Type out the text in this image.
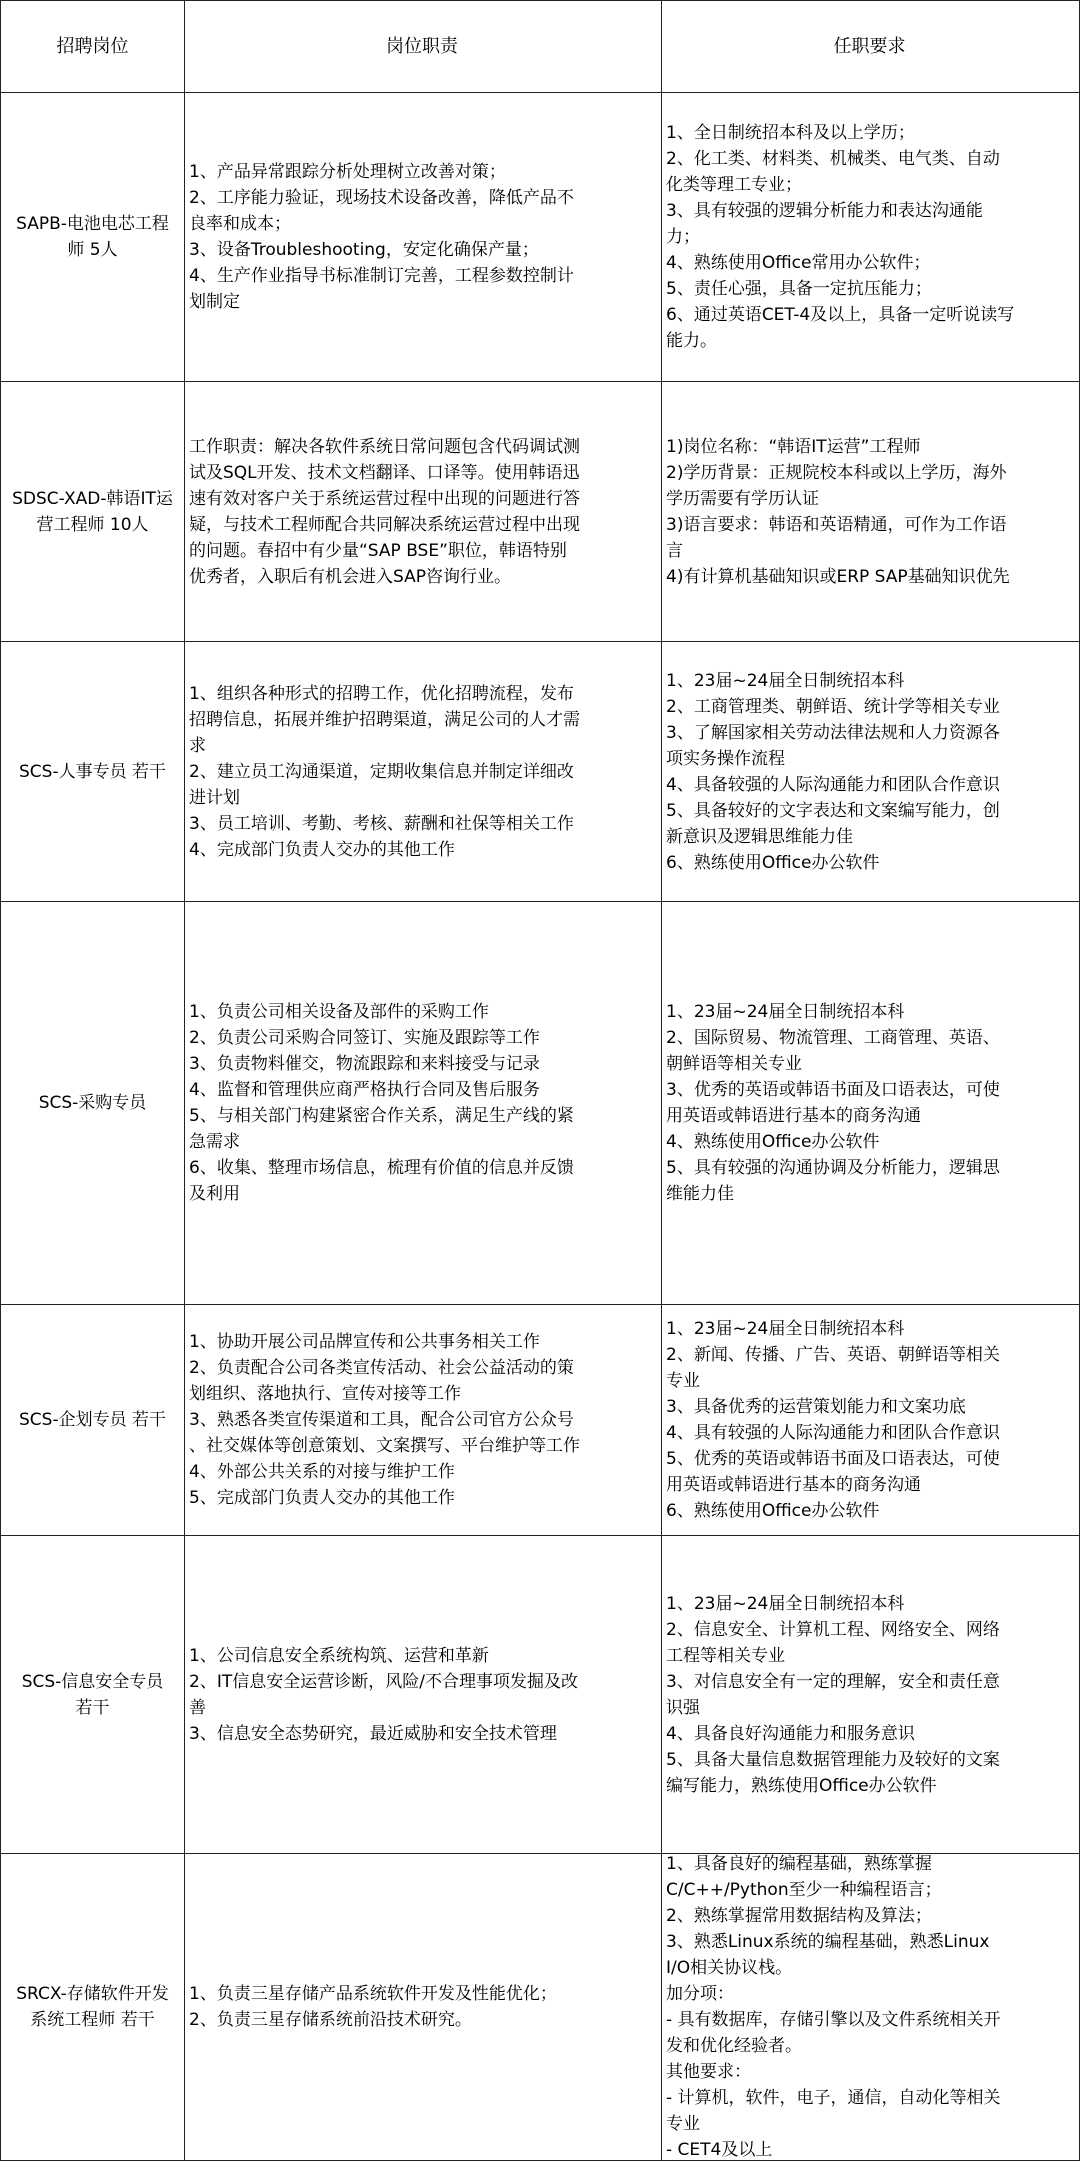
招聘岗位	岗位职责	任职要求
SAPB-电池电芯工程
师 5人
1、产品异常跟踪分析处理树立改善对策；
2、工序能力验证，现场技术设备改善，降低产品不
良率和成本；
3、设备Troubleshooting，安定化确保产量；
4、生产作业指导书标准制订完善，工程参数控制计
划制定
1、全日制统招本科及以上学历；
2、化工类、材料类、机械类、电气类、自动
化类等理工专业；
3、具有较强的逻辑分析能力和表达沟通能
力；
4、熟练使用Office常用办公软件；
5、责任心强，具备一定抗压能力；
6、通过英语CET-4及以上，具备一定听说读写
能力。
SDSC-XAD-韩语IT运
营工程师 10人
工作职责：解决各软件系统日常问题包含代码调试测
试及SQL开发、技术文档翻译、口译等。使用韩语迅
速有效对客户关于系统运营过程中出现的问题进行答
疑，与技术工程师配合共同解决系统运营过程中出现
的问题。春招中有少量“SAP BSE”职位，韩语特别
优秀者，入职后有机会进入SAP咨询行业。
1)岗位名称：“韩语IT运营”工程师
2)学历背景：正规院校本科或以上学历，海外
学历需要有学历认证
3)语言要求：韩语和英语精通，可作为工作语
言
4)有计算机基础知识或ERP SAP基础知识优先
SCS-人事专员 若干
1、组织各种形式的招聘工作，优化招聘流程，发布
招聘信息，拓展并维护招聘渠道，满足公司的人才需
求
2、建立员工沟通渠道，定期收集信息并制定详细改
进计划
3、员工培训、考勤、考核、薪酬和社保等相关工作
4、完成部门负责人交办的其他工作
1、23届~24届全日制统招本科
2、工商管理类、朝鲜语、统计学等相关专业
3、了解国家相关劳动法律法规和人力资源各
项实务操作流程
4、具备较强的人际沟通能力和团队合作意识
5、具备较好的文字表达和文案编写能力，创
新意识及逻辑思维能力佳
6、熟练使用Office办公软件
SCS-采购专员
1、负责公司相关设备及部件的采购工作
2、负责公司采购合同签订、实施及跟踪等工作
3、负责物料催交，物流跟踪和来料接受与记录
4、监督和管理供应商严格执行合同及售后服务
5、与相关部门构建紧密合作关系，满足生产线的紧
急需求
6、收集、整理市场信息，梳理有价值的信息并反馈
及利用
1、23届~24届全日制统招本科
2、国际贸易、物流管理、工商管理、英语、
朝鲜语等相关专业
3、优秀的英语或韩语书面及口语表达，可使
用英语或韩语进行基本的商务沟通
4、熟练使用Office办公软件
5、具有较强的沟通协调及分析能力，逻辑思
维能力佳
SCS-企划专员 若干
1、协助开展公司品牌宣传和公共事务相关工作
2、负责配合公司各类宣传活动、社会公益活动的策
划组织、落地执行、宣传对接等工作
3、熟悉各类宣传渠道和工具，配合公司官方公众号
、社交媒体等创意策划、文案撰写、平台维护等工作
4、外部公共关系的对接与维护工作
5、完成部门负责人交办的其他工作
1、23届~24届全日制统招本科
2、新闻、传播、广告、英语、朝鲜语等相关
专业
3、具备优秀的运营策划能力和文案功底
4、具有较强的人际沟通能力和团队合作意识
5、优秀的英语或韩语书面及口语表达，可使
用英语或韩语进行基本的商务沟通
6、熟练使用Office办公软件
SCS-信息安全专员
若干
1、公司信息安全系统构筑、运营和革新
2、IT信息安全运营诊断，风险/不合理事项发掘及改
善
3、信息安全态势研究，最近威胁和安全技术管理
1、23届~24届全日制统招本科
2、信息安全、计算机工程、网络安全、网络
工程等相关专业
3、对信息安全有一定的理解，安全和责任意
识强
4、具备良好沟通能力和服务意识
5、具备大量信息数据管理能力及较好的文案
编写能力，熟练使用Office办公软件
SRCX-存储软件开发
系统工程师 若干
1、负责三星存储产品系统软件开发及性能优化；
2、负责三星存储系统前沿技术研究。
1、具备良好的编程基础，熟练掌握
C/C++/Python至少一种编程语言；
2、熟练掌握常用数据结构及算法；
3、熟悉Linux系统的编程基础，熟悉Linux
I/O相关协议栈。
加分项：
- 具有数据库，存储引擎以及文件系统相关开
发和优化经验者。
其他要求：
- 计算机，软件，电子，通信，自动化等相关
专业
- CET4及以上
